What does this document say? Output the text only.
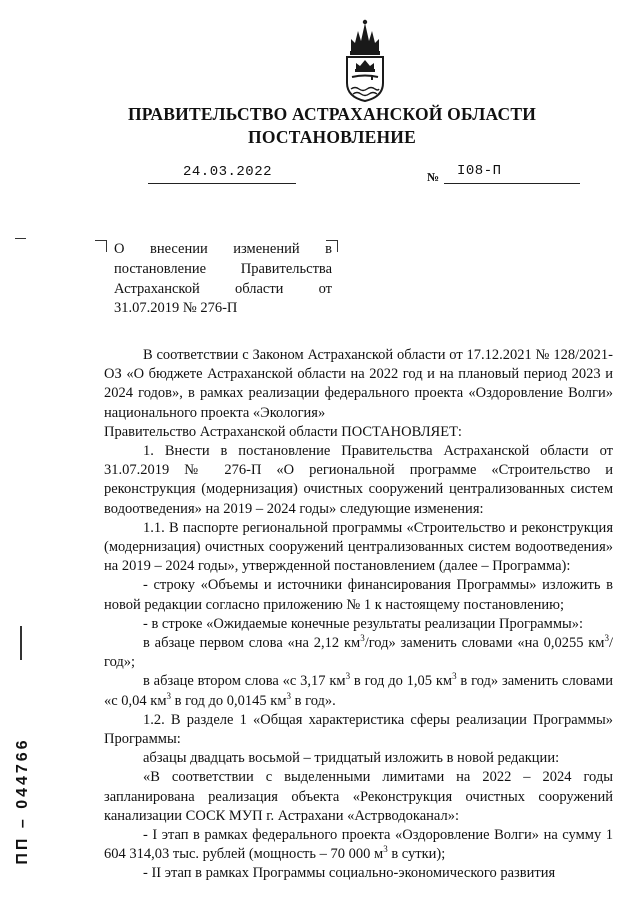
ПРАВИТЕЛЬСТВО АСТРАХАНСКОЙ ОБЛАСТИ
ПОСТАНОВЛЕНИЕ
24.03.2022	№ I08-П
О внесении изменений в постановление Правительства Астраханской области от 31.07.2019 № 276-П

В соответствии с Законом Астраханской области от 17.12.2021 № 128/2021-ОЗ «О бюджете Астраханской области на 2022 год и на плановый период 2023 и 2024 годов», в рамках реализации федерального проекта «Оздоровление Волги» национального проекта «Экология»

Правительство Астраханской области ПОСТАНОВЛЯЕТ:

1. Внести в постановление Правительства Астраханской области от 31.07.2019 № 276-П «О региональной программе «Строительство и реконструкция (модернизация) очистных сооружений централизованных систем водоотведения» на 2019 – 2024 годы» следующие изменения:

1.1. В паспорте региональной программы «Строительство и реконструкция (модернизация) очистных сооружений централизованных систем водоотведения» на 2019 – 2024 годы», утвержденной постановлением (далее – Программа):

- строку «Объемы и источники финансирования Программы» изложить в новой редакции согласно приложению № 1 к настоящему постановлению;

- в строке «Ожидаемые конечные результаты реализации Программы»:

в абзаце первом слова «на 2,12 $км^3$/год» заменить словами «на 0,0255 $км^3$/год»;

в абзаце втором слова «с 3,17 $км^3$ в год до 1,05 $км^3$ в год» заменить словами «с 0,04 $км^3$ в год до 0,0145 $км^3$ в год».

1.2. В разделе 1 «Общая характеристика сферы реализации Программы» Программы:

абзацы двадцать восьмой – тридцатый изложить в новой редакции:

«В соответствии с выделенными лимитами на 2022 – 2024 годы запланирована реализация объекта «Реконструкция очистных сооружений канализации СОСК МУП г. Астрахани «Астрводоканал»:

- I этап в рамках федерального проекта «Оздоровление Волги» на сумму 1 604 314,03 тыс. рублей (мощность – 70 000 $м^3$ в сутки);

- II этап в рамках Программы социально-экономического развития

ПП – 044766
